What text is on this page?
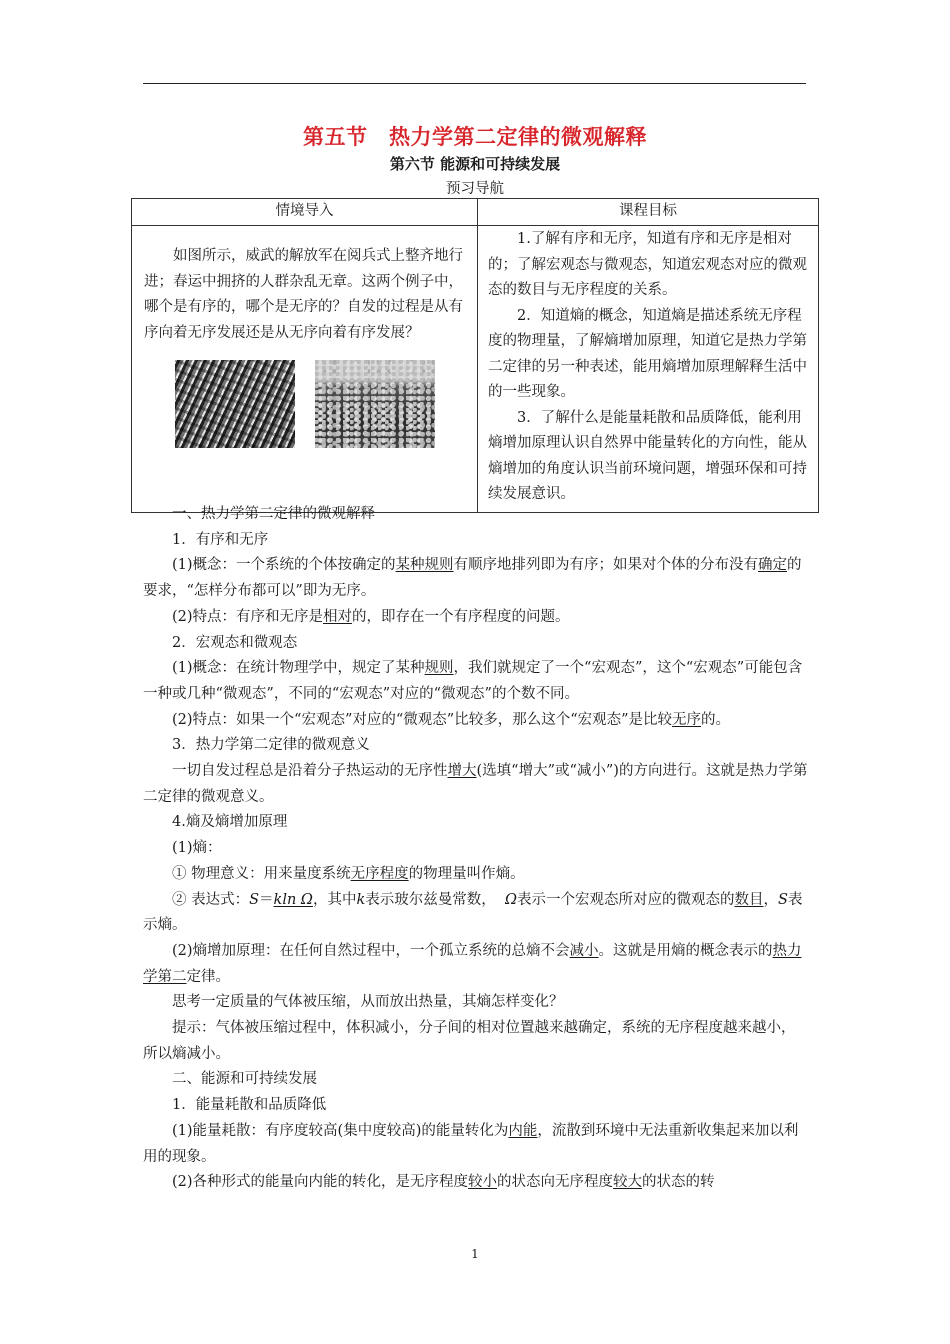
第五节　热力学第二定律的微观解释
第六节 能源和可持续发展
预习导航
情境导入	课程目标

如图所示，威武的解放军在阅兵式上整齐地行进；春运中拥挤的人群杂乱无章。这两个例子中，哪个是有序的，哪个是无序的？自发的过程是从有序向着无序发展还是从无序向着有序发展？	1.了解有序和无序，知道有序和无序是相对的；了解宏观态与微观态，知道宏观态对应的微观态的数目与无序程度的关系。

2．知道熵的概念，知道熵是描述系统无序程度的物理量，了解熵增加原理，知道它是热力学第二定律的另一种表述，能用熵增加原理解释生活中的一些现象。

3．了解什么是能量耗散和品质降低，能利用熵增加原理认识自然界中能量转化的方向性，能从熵增加的角度认识当前环境问题，增强环保和可持续发展意识。

一、热力学第二定律的微观解释

1．有序和无序

(1)概念：一个系统的个体按确定的某种规则有顺序地排列即为有序；如果对个体的分布没有确定的要求，“怎样分布都可以”即为无序。

(2)特点：有序和无序是相对的，即存在一个有序程度的问题。

2．宏观态和微观态

(1)概念：在统计物理学中，规定了某种规则，我们就规定了一个“宏观态”，这个“宏观态”可能包含一种或几种“微观态”，不同的“宏观态”对应的“微观态”的个数不同。

(2)特点：如果一个“宏观态”对应的“微观态”比较多，那么这个“宏观态”是比较无序的。

3．热力学第二定律的微观意义

一切自发过程总是沿着分子热运动的无序性增大(选填“增大”或“减小”)的方向进行。这就是热力学第二定律的微观意义。

4.熵及熵增加原理

(1)熵：

① 物理意义：用来量度系统无序程度的物理量叫作熵。

② 表达式：S＝kln Ω，其中k表示玻尔兹曼常数，  Ω表示一个宏观态所对应的微观态的数目，S表示熵。

(2)熵增加原理：在任何自然过程中，一个孤立系统的总熵不会减小。这就是用熵的概念表示的热力学第二定律。

思考一定质量的气体被压缩，从而放出热量，其熵怎样变化？

提示：气体被压缩过程中，体积减小，分子间的相对位置越来越确定，系统的无序程度越来越小，所以熵减小。

二、能源和可持续发展

1．能量耗散和品质降低

(1)能量耗散：有序度较高(集中度较高)的能量转化为内能，流散到环境中无法重新收集起来加以利用的现象。

(2)各种形式的能量向内能的转化，是无序程度较小的状态向无序程度较大的状态的转

1
